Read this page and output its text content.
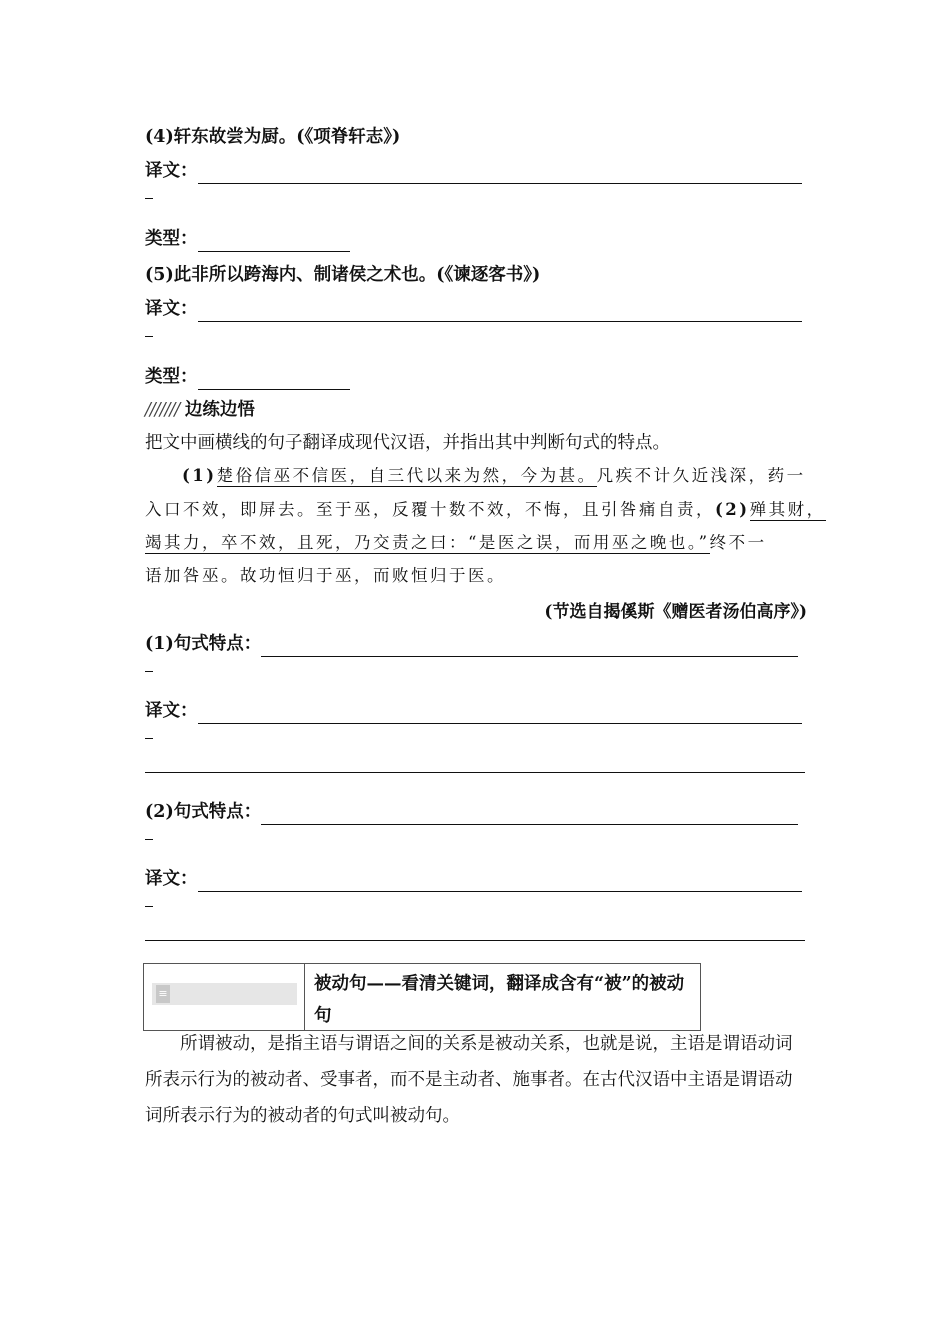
(4)轩东故尝为厨。(《项脊轩志》)
译文：
类型：
(5)此非所以跨海内、制诸侯之术也。(《谏逐客书》)
译文：
类型：
/////// 边练边悟
把文中画横线的句子翻译成现代汉语，并指出其中判断句式的特点。
(1)楚俗信巫不信医，自三代以来为然，今为甚。凡疾不计久近浅深，药一
入口不效，即屏去。至于巫，反覆十数不效，不悔，且引咎痛自责，(2)殚其财，
竭其力，卒不效，且死，乃交责之曰：“是医之误，而用巫之晚也。”终不一
语加咎巫。故功恒归于巫，而败恒归于医。
(节选自揭傒斯《赠医者汤伯高序》)
(1)句式特点：
译文：
(2)句式特点：
译文：
≡	被动句——看清关键词，翻译成含有“被”的被动句
所谓被动，是指主语与谓语之间的关系是被动关系，也就是说，主语是谓语动词所表示行为的被动者、受事者，而不是主动者、施事者。在古代汉语中主语是谓语动词所表示行为的被动者的句式叫被动句。
